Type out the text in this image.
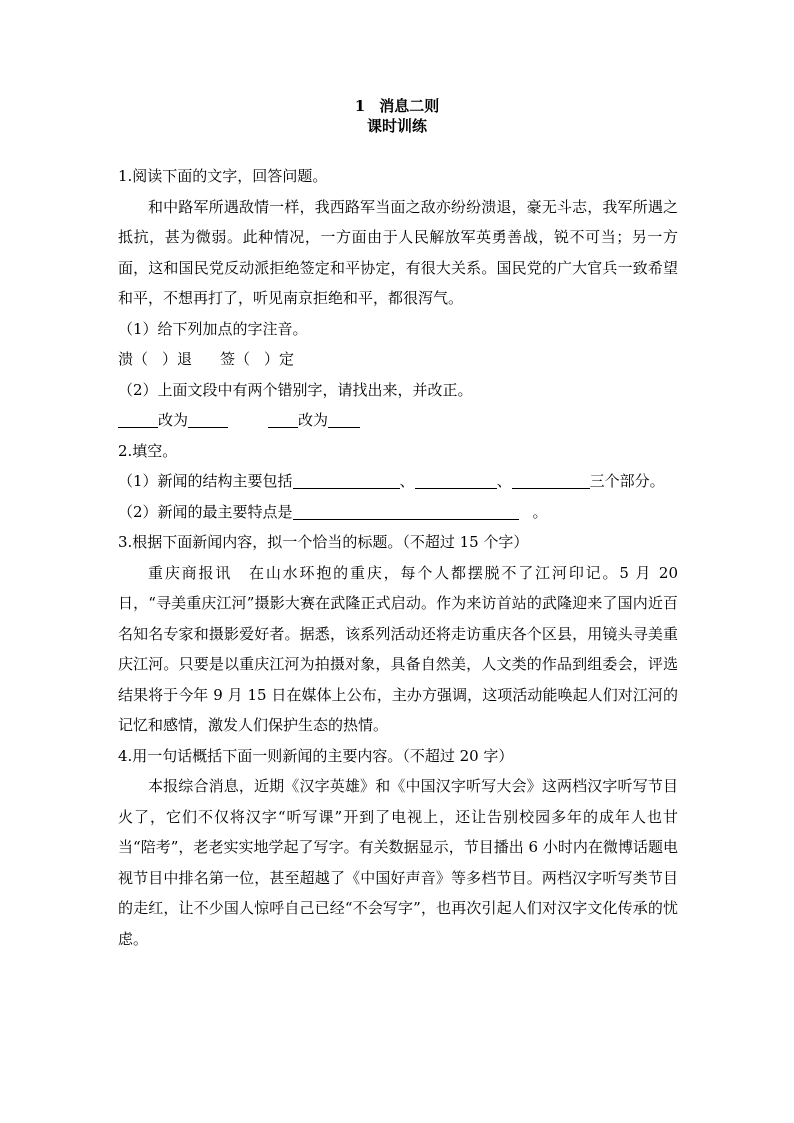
1 消息二则
课时训练

1.阅读下面的文字，回答问题。

和中路军所遇敌情一样，我西路军当面之敌亦纷纷溃退，豪无斗志，我军所遇之抵抗，甚为微弱。此种情况，一方面由于人民解放军英勇善战，锐不可当；另一方面，这和国民党反动派拒绝签定和平协定，有很大关系。国民党的广大官兵一致希望和平，不想再打了，听见南京拒绝和平，都很泻气。

（1）给下列加点的字注音。

溃（ ）退 签（ ）定

（2）上面文段中有两个错别字，请找出来，并改正。

改为	改为

2.填空。

（1）新闻的结构主要包括	、	、	三个部分。

（2）新闻的最主要特点是	。

3.根据下面新闻内容，拟一个恰当的标题。（不超过 15 个字）

重庆商报讯　在山水环抱的重庆，每个人都摆脱不了江河印记。5 月 20 日，“寻美重庆江河”摄影大赛在武隆正式启动。作为来访首站的武隆迎来了国内近百名知名专家和摄影爱好者。据悉，该系列活动还将走访重庆各个区县，用镜头寻美重庆江河。只要是以重庆江河为拍摄对象，具备自然美，人文类的作品到组委会，评选结果将于今年 9 月 15 日在媒体上公布，主办方强调，这项活动能唤起人们对江河的记忆和感情，激发人们保护生态的热情。

4.用一句话概括下面一则新闻的主要内容。（不超过 20 字）

本报综合消息，近期《汉字英雄》和《中国汉字听写大会》这两档汉字听写节目火了，它们不仅将汉字“听写课”开到了电视上，还让告别校园多年的成年人也甘当“陪考”，老老实实地学起了写字。有关数据显示，节目播出 6 小时内在微博话题电视节目中排名第一位，甚至超越了《中国好声音》等多档节目。两档汉字听写类节目的走红，让不少国人惊呼自己已经“不会写字”，也再次引起人们对汉字文化传承的忧虑。
